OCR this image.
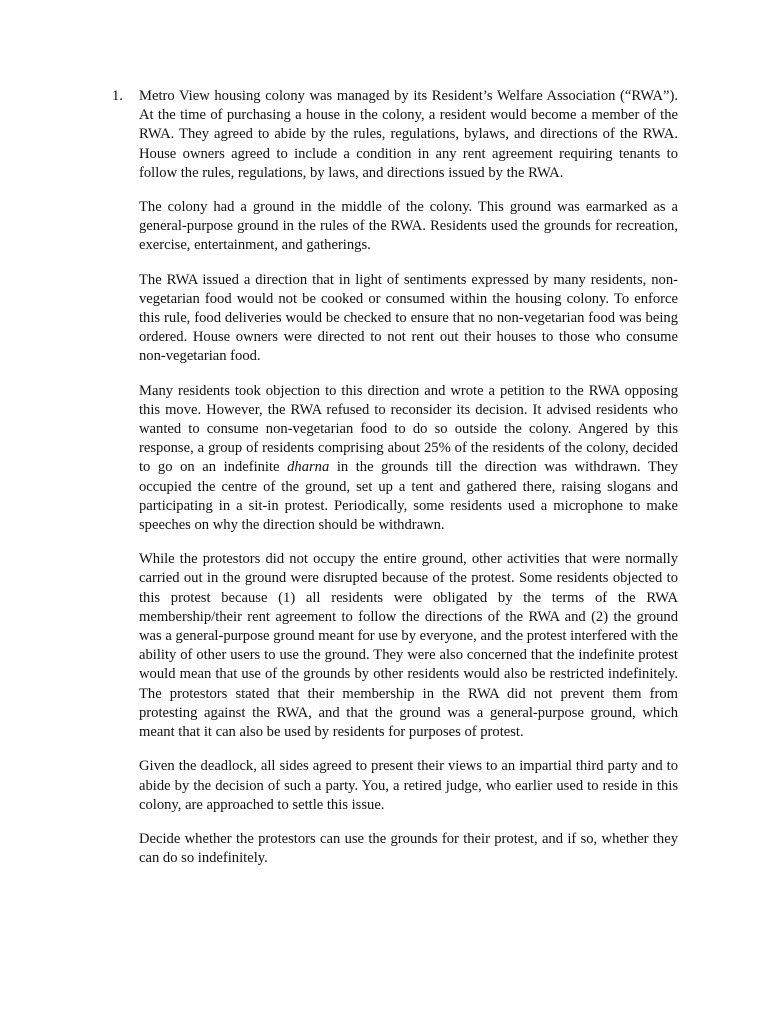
1.	Metro View housing colony was managed by its Resident’s Welfare Association (“RWA”). At the time of purchasing a house in the colony, a resident would become a member of the RWA. They agreed to abide by the rules, regulations, bylaws, and directions of the RWA. House owners agreed to include a condition in any rent agreement requiring tenants to follow the rules, regulations, by laws, and directions issued by the RWA.

The colony had a ground in the middle of the colony. This ground was earmarked as a general-purpose ground in the rules of the RWA. Residents used the grounds for recreation, exercise, entertainment, and gatherings.

The RWA issued a direction that in light of sentiments expressed by many residents, non-vegetarian food would not be cooked or consumed within the housing colony. To enforce this rule, food deliveries would be checked to ensure that no non-vegetarian food was being ordered. House owners were directed to not rent out their houses to those who consume non-vegetarian food.

Many residents took objection to this direction and wrote a petition to the RWA opposing this move. However, the RWA refused to reconsider its decision. It advised residents who wanted to consume non-vegetarian food to do so outside the colony. Angered by this response, a group of residents comprising about 25% of the residents of the colony, decided to go on an indefinite dharna in the grounds till the direction was withdrawn. They occupied the centre of the ground, set up a tent and gathered there, raising slogans and participating in a sit-in protest. Periodically, some residents used a microphone to make speeches on why the direction should be withdrawn.

While the protestors did not occupy the entire ground, other activities that were normally carried out in the ground were disrupted because of the protest. Some residents objected to this protest because (1) all residents were obligated by the terms of the RWA membership/their rent agreement to follow the directions of the RWA and (2) the ground was a general-purpose ground meant for use by everyone, and the protest interfered with the ability of other users to use the ground. They were also concerned that the indefinite protest would mean that use of the grounds by other residents would also be restricted indefinitely. The protestors stated that their membership in the RWA did not prevent them from protesting against the RWA, and that the ground was a general-purpose ground, which meant that it can also be used by residents for purposes of protest.

Given the deadlock, all sides agreed to present their views to an impartial third party and to abide by the decision of such a party. You, a retired judge, who earlier used to reside in this colony, are approached to settle this issue.

Decide whether the protestors can use the grounds for their protest, and if so, whether they can do so indefinitely.
